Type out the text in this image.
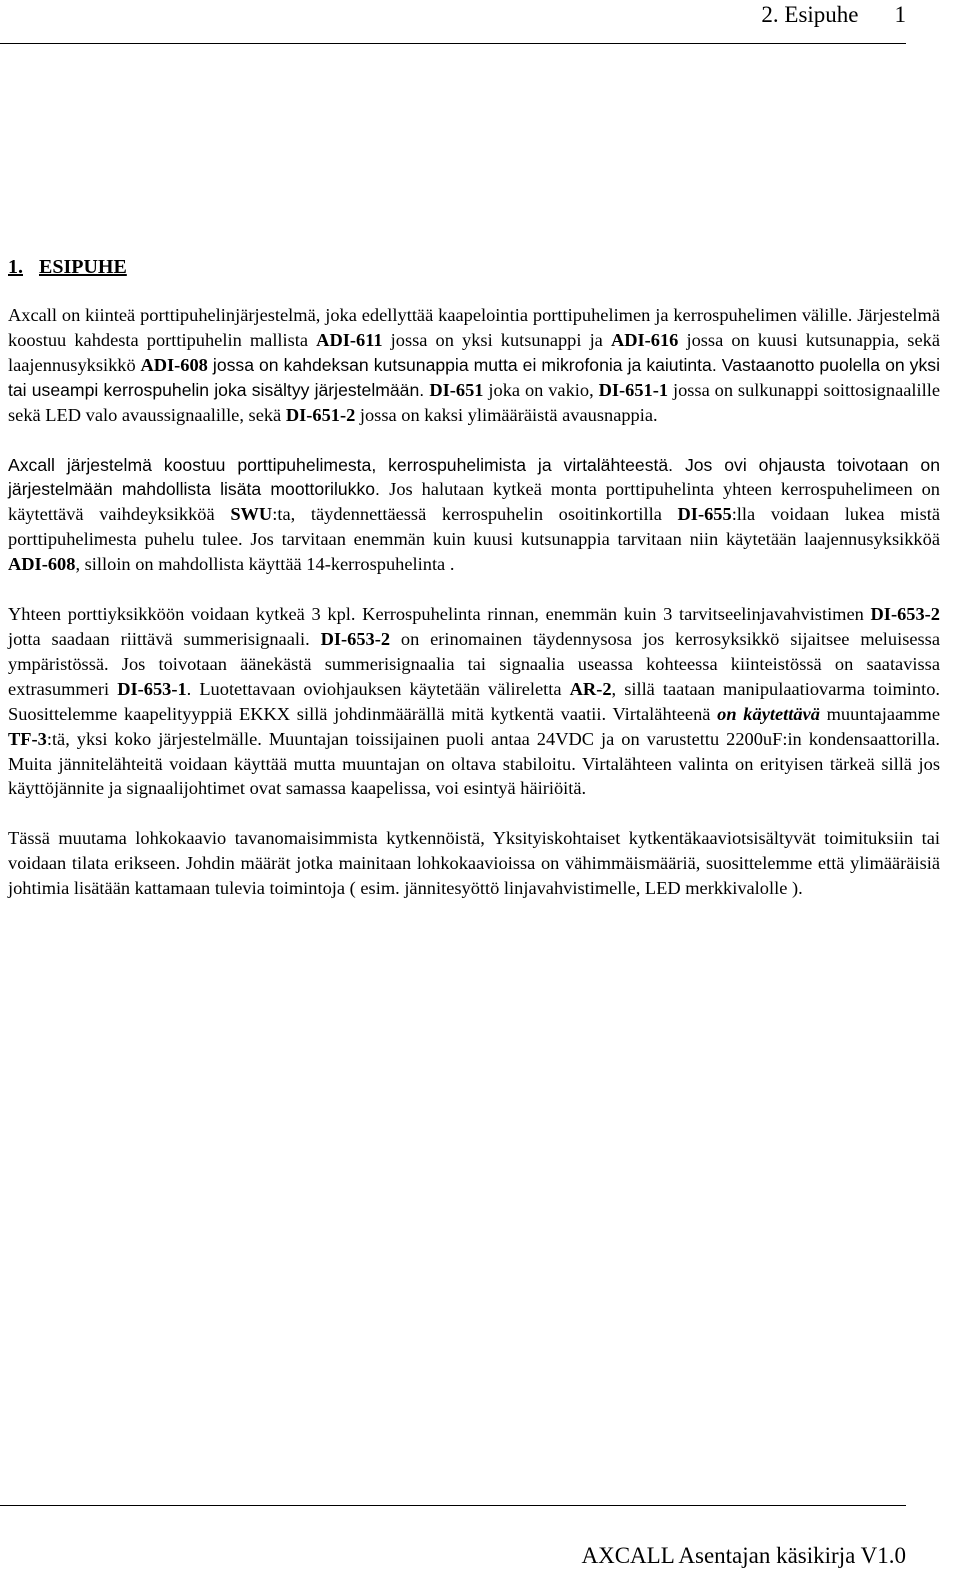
2. Esipuhe 1
1. ESIPUHE

Axcall on kiinteä porttipuhelinjärjestelmä, joka edellyttää kaapelointia porttipuhelimen ja kerrospuhelimen välille. Järjestelmä koostuu kahdesta porttipuhelin mallista ADI-611 jossa on yksi kutsunappi ja ADI-616 jossa on kuusi kutsunappia, sekä laajennusyksikkö ADI-608 jossa on kahdeksan kutsunappia mutta ei mikrofonia ja kaiutinta. Vastaanotto puolella on yksi tai useampi kerrospuhelin joka sisältyy järjestelmään. DI-651 joka on vakio, DI-651-1 jossa on sulkunappi soittosignaalille sekä LED valo avaussignaalille, sekä DI-651-2 jossa on kaksi ylimääräistä avausnappia.

Axcall järjestelmä koostuu porttipuhelimesta, kerrospuhelimista ja virtalähteestä. Jos ovi ohjausta toivotaan on järjestelmään mahdollista lisäta moottorilukko. Jos halutaan kytkeä monta porttipuhelinta yhteen kerrospuhelimeen on käytettävä vaihdeyksikköä SWU:ta, täydennettäessä kerrospuhelin osoitinkortilla DI-655:lla voidaan lukea mistä porttipuhelimesta puhelu tulee. Jos tarvitaan enemmän kuin kuusi kutsunappia tarvitaan niin käytetään laajennusyksikköä ADI-608, silloin on mahdollista käyttää 14-kerrospuhelinta .

Yhteen porttiyksikköön voidaan kytkeä 3 kpl. Kerrospuhelinta rinnan, enemmän kuin 3 tarvitseelinjavahvistimen DI-653-2 jotta saadaan riittävä summerisignaali. DI-653-2 on erinomainen täydennysosa jos kerrosyksikkö sijaitsee meluisessa ympäristössä. Jos toivotaan äänekästä summerisignaalia tai signaalia useassa kohteessa kiinteistössä on saatavissa extrasummeri DI-653-1. Luotettavaan oviohjauksen käytetään välireletta AR-2, sillä taataan manipulaatiovarma toiminto. Suosittelemme kaapelityyppiä EKKX sillä johdinmäärällä mitä kytkentä vaatii. Virtalähteenä on käytettävä muuntajaamme TF-3:tä, yksi koko järjestelmälle. Muuntajan toissijainen puoli antaa 24VDC ja on varustettu 2200uF:in kondensaattorilla. Muita jännitelähteitä voidaan käyttää mutta muuntajan on oltava stabiloitu. Virtalähteen valinta on erityisen tärkeä sillä jos käyttöjännite ja signaalijohtimet ovat samassa kaapelissa, voi esintyä häiriöitä.

Tässä muutama lohkokaavio tavanomaisimmista kytkennöistä, Yksityiskohtaiset kytkentäkaaviotsisältyvät toimituksiin tai voidaan tilata erikseen. Johdin määrät jotka mainitaan lohkokaavioissa on vähimmäismääriä, suosittelemme että ylimääräisiä johtimia lisätään kattamaan tulevia toimintoja ( esim. jännitesyöttö linjavahvistimelle, LED merkkivalolle ).

AXCALL Asentajan käsikirja V1.0
